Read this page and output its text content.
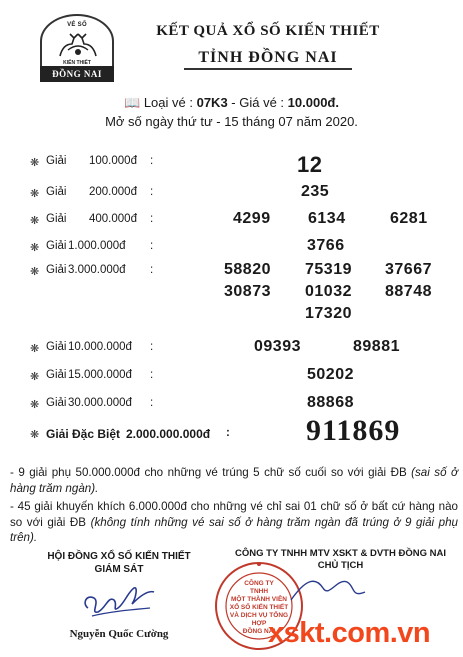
VÉ SỐ
KIẾN THIẾT
ĐỒNG NAI
KẾT QUẢ XỔ SỐ KIẾN THIẾT
TỈNH ĐỒNG NAI
📖 Loại vé : 07K3 - Giá vé : 10.000đ.
Mở số ngày thứ tư - 15 tháng 07 năm 2020.
❋ Giải 100.000đ :	12
❋ Giải 200.000đ :	235
❋ Giải 400.000đ :	4299 6134	6281
❋ Giải 1.000.000đ :	3766
❋ Giải 3.000.000đ :	58820 75319 37667
30873 01032 88748
17320
❋ Giải 10.000.000đ :	09393	89881
❋ Giải 15.000.000đ :	50202
❋ Giải 30.000.000đ :	88868
❋ Giải Đặc Biệt 2.000.000.000đ :	911869

- 9 giải phụ 50.000.000đ cho những vé trúng 5 chữ số cuối so với giải ĐB (sai số ở hàng trăm ngàn).

- 45 giải khuyến khích 6.000.000đ cho những vé chỉ sai 01 chữ số ở bất cứ hàng nào so với giải ĐB (không tính những vé sai số ở hàng trăm ngàn đã trúng ở 9 giải phụ trên).

HỘI ĐỒNG XỔ SỐ KIẾN THIẾT
GIÁM SÁT
Nguyễn Quốc Cường
CÔNG TY TNHH MTV XSKT & DVTH ĐỒNG NAI
CHỦ TỊCH
CÔNG TY
TNHH
MỘT THÀNH VIÊN
XỔ SỐ KIẾN THIẾT
VÀ DỊCH VỤ TỔNG HỢP
ĐỒNG NAI
xskt.com.vn
